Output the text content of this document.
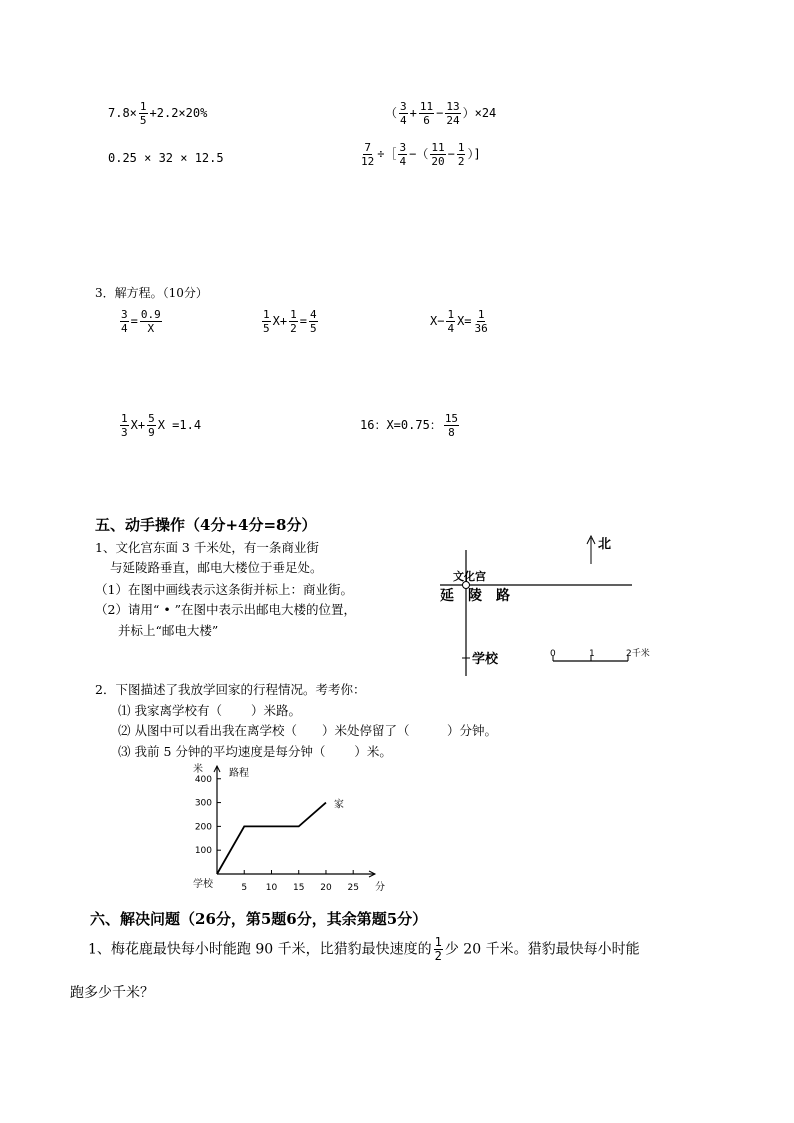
$7.8\times \frac{1}{5} +2.2\times 20\%$	（ $\frac{3}{4} + \frac{11}{6} - \frac{13}{24} )\times 24$
0.25 × 32 × 12.5	$\frac{7}{12}$ ÷［ $\frac{3}{4}$ −（ $\frac{11}{20} - \frac{1}{2}$ ）]
3．解方程。（10分）
$\frac{3}{4} = \frac{0.9}{X}$	$\frac{1}{5} X+ \frac{1}{2} = \frac{4}{5}$	$X- \frac{1}{4} X= \frac{1}{36}$
$\frac{1}{3} X+ \frac{5}{9}$ X =1.4	16：X=0.75： $\frac{15}{8}$
五、动手操作（4分+4分=8分）
1、文化宫东面 3 千米处，有一条商业街
与延陵路垂直，邮电大楼位于垂足处。
（1）在图中画线表示这条街并标上：商业街。
（2）请用“ • ”在图中表示出邮电大楼的位置，
并标上“邮电大楼”
北
文化宫
延　陵　路
学校	0	1	2千米
2．下图描述了我放学回家的行程情况。考考你：
⑴ 我家离学校有（　　 ）米路。
⑵ 从图中可以看出我在离学校（　　）米处停留了（　　　）分钟。
⑶ 我前 5 分钟的平均速度是每分钟（　　 ）米。
5 10 15 20 25
100
200
300
400
分
米	路程
学校
家
六、解决问题（26分，第5题6分，其余第题5分）
1、梅花鹿最快每小时能跑 90 千米，比猎豹最快速度的 $\frac{1}{2}$ 少 20 千米。猎豹最快每小时能
跑多少千米？
